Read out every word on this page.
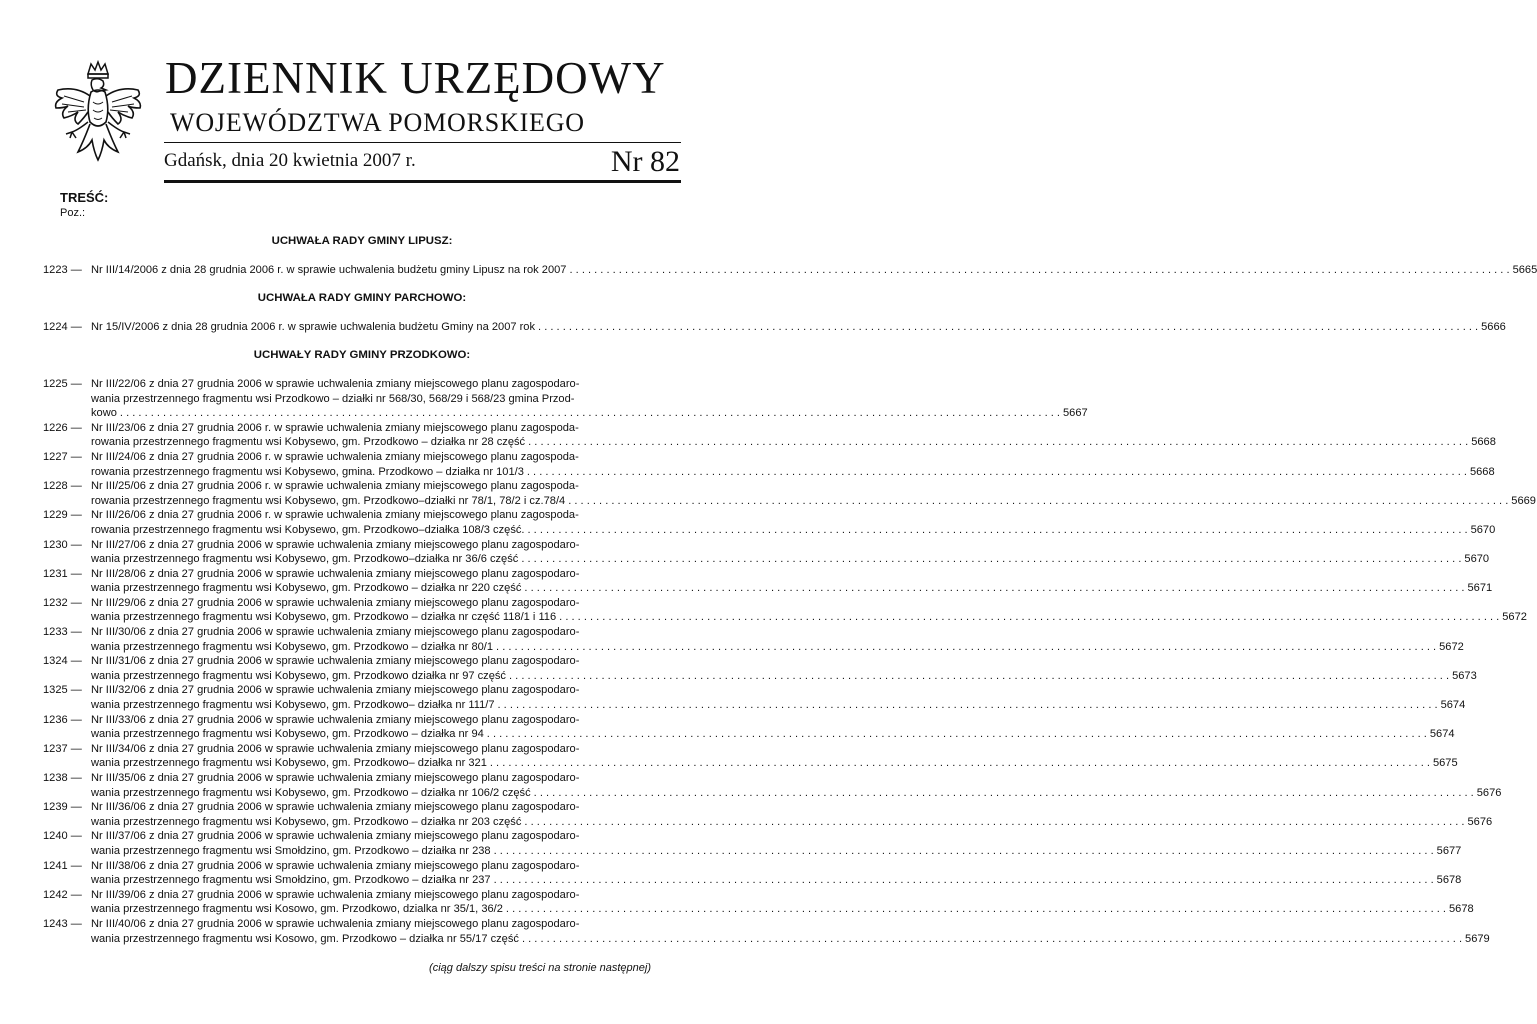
DZIENNIK URZĘDOWY
WOJEWÓDZTWA POMORSKIEGO
Gdańsk, dnia 20 kwietnia 2007 r.	Nr 82
TREŚĆ:
Poz.:
UCHWAŁA RADY GMINY LIPUSZ:
1223 — Nr III/14/2006 z dnia 28 grudnia 2006 r. w sprawie uchwalenia budżetu gminy Lipusz na rok 2007 . . .	5665
UCHWAŁA RADY GMINY PARCHOWO:
1224 — Nr 15/IV/2006 z dnia 28 grudnia 2006 r. w sprawie uchwalenia budżetu Gminy na 2007 rok . . .	5666
UCHWAŁY RADY GMINY PRZODKOWO:
1225 — Nr III/22/06 z dnia 27 grudnia 2006 w sprawie uchwalenia zmiany miejscowego planu zagospodaro-
wania przestrzennego fragmentu wsi Przodkowo – działki nr 568/30, 568/29 i 568/23 gmina Przod-
kowo . . .	5667
1226 — Nr III/23/06 z dnia 27 grudnia 2006 r. w sprawie uchwalenia zmiany miejscowego planu zagospoda-
rowania przestrzennego fragmentu wsi Kobysewo, gm. Przodkowo – działka nr 28 część . . .	5668
1227 — Nr III/24/06 z dnia 27 grudnia 2006 r. w sprawie uchwalenia zmiany miejscowego planu zagospoda-
rowania przestrzennego fragmentu wsi Kobysewo, gmina. Przodkowo – działka nr 101/3 . . .	5668
1228 — Nr III/25/06 z dnia 27 grudnia 2006 r. w sprawie uchwalenia zmiany miejscowego planu zagospoda-
rowania przestrzennego fragmentu wsi Kobysewo, gm. Przodkowo–działki nr 78/1, 78/2 i cz.78/4 . . .	5669
1229 — Nr III/26/06 z dnia 27 grudnia 2006 r. w sprawie uchwalenia zmiany miejscowego planu zagospoda-
rowania przestrzennego fragmentu wsi Kobysewo, gm. Przodkowo–działka 108/3 część. . . .	5670
1230 — Nr III/27/06 z dnia 27 grudnia 2006 w sprawie uchwalenia zmiany miejscowego planu zagospodaro-
wania przestrzennego fragmentu wsi Kobysewo, gm. Przodkowo–działka nr 36/6 część . . .	5670
1231 — Nr III/28/06 z dnia 27 grudnia 2006 w sprawie uchwalenia zmiany miejscowego planu zagospodaro-
wania przestrzennego fragmentu wsi Kobysewo, gm. Przodkowo – działka nr 220 część . . .	5671
1232 — Nr III/29/06 z dnia 27 grudnia 2006 w sprawie uchwalenia zmiany miejscowego planu zagospodaro-
wania przestrzennego fragmentu wsi Kobysewo, gm. Przodkowo – działka nr część 118/1 i 116 . . .	5672
1233 — Nr III/30/06 z dnia 27 grudnia 2006 w sprawie uchwalenia zmiany miejscowego planu zagospodaro-
wania przestrzennego fragmentu wsi Kobysewo, gm. Przodkowo – działka nr 80/1 . . .	5672
1324 — Nr III/31/06 z dnia 27 grudnia 2006 w sprawie uchwalenia zmiany miejscowego planu zagospodaro-
wania przestrzennego fragmentu wsi Kobysewo, gm. Przodkowo działka nr 97 część . . .	5673
1325 — Nr III/32/06 z dnia 27 grudnia 2006 w sprawie uchwalenia zmiany miejscowego planu zagospodaro-
wania przestrzennego fragmentu wsi Kobysewo, gm. Przodkowo– działka nr 111/7 . . .	5674
1236 — Nr III/33/06 z dnia 27 grudnia 2006 w sprawie uchwalenia zmiany miejscowego planu zagospodaro-
wania przestrzennego fragmentu wsi Kobysewo, gm. Przodkowo – działka nr 94 . . .	5674
1237 — Nr III/34/06 z dnia 27 grudnia 2006 w sprawie uchwalenia zmiany miejscowego planu zagospodaro-
wania przestrzennego fragmentu wsi Kobysewo, gm. Przodkowo– działka nr 321 . . .	5675
1238 — Nr III/35/06 z dnia 27 grudnia 2006 w sprawie uchwalenia zmiany miejscowego planu zagospodaro-
wania przestrzennego fragmentu wsi Kobysewo, gm. Przodkowo – działka nr 106/2 część . . .	5676
1239 — Nr III/36/06 z dnia 27 grudnia 2006 w sprawie uchwalenia zmiany miejscowego planu zagospodaro-
wania przestrzennego fragmentu wsi Kobysewo, gm. Przodkowo – działka nr 203 część . . .	5676
1240 — Nr III/37/06 z dnia 27 grudnia 2006 w sprawie uchwalenia zmiany miejscowego planu zagospodaro-
wania przestrzennego fragmentu wsi Smołdzino, gm. Przodkowo – działka nr 238 . . .	5677
1241 — Nr III/38/06 z dnia 27 grudnia 2006 w sprawie uchwalenia zmiany miejscowego planu zagospodaro-
wania przestrzennego fragmentu wsi Smołdzino, gm. Przodkowo – działka nr 237 . . .	5678
1242 — Nr III/39/06 z dnia 27 grudnia 2006 w sprawie uchwalenia zmiany miejscowego planu zagospodaro-
wania przestrzennego fragmentu wsi Kosowo, gm. Przodkowo, dzialka nr 35/1, 36/2 . . .	5678
1243 — Nr III/40/06 z dnia 27 grudnia 2006 w sprawie uchwalenia zmiany miejscowego planu zagospodaro-
wania przestrzennego fragmentu wsi Kosowo, gm. Przodkowo – działka nr 55/17 część . . .	5679
(ciąg dalszy spisu treści na stronie następnej)
